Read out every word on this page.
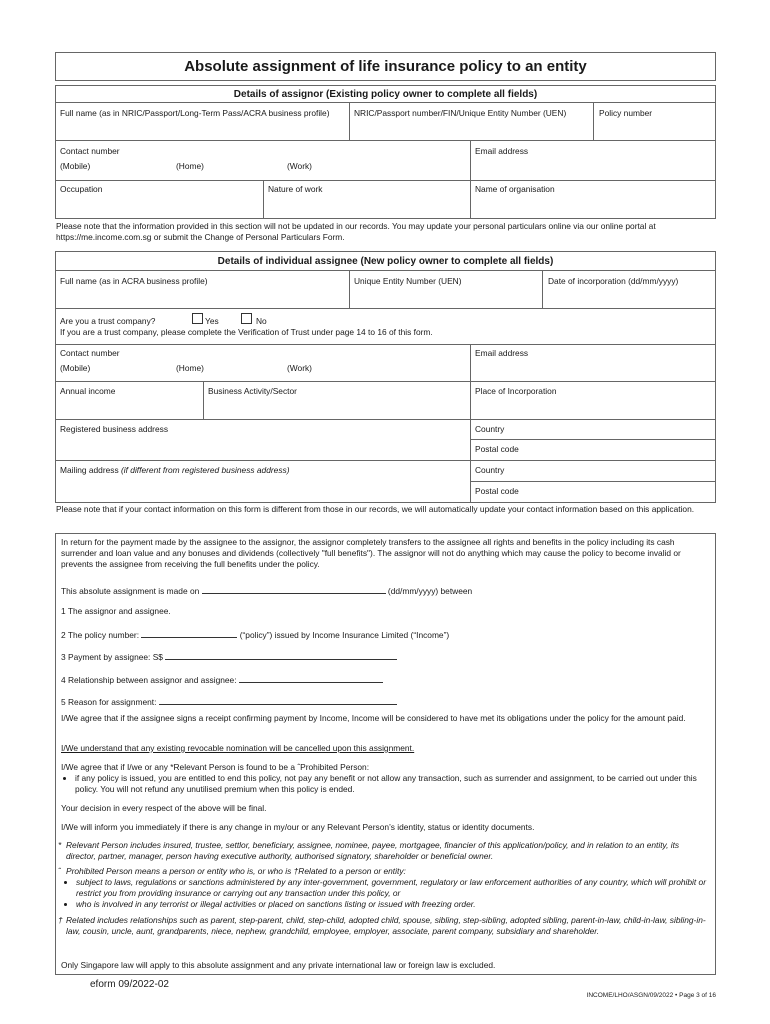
Absolute assignment of life insurance policy to an entity
Details of assignor (Existing policy owner to complete all fields)
Full name (as in NRIC/Passport/Long-Term Pass/ACRA business profile)	NRIC/Passport number/FIN/Unique Entity Number (UEN)	Policy number
Contact number
(Mobile)	(Home)	(Work)
Email address
Occupation	Nature of work	Name of organisation
Please note that the information provided in this section will not be updated in our records. You may update your personal particulars online via our online portal at https://me.income.com.sg or submit the Change of Personal Particulars Form.
Details of individual assignee (New policy owner to complete all fields)
Full name (as in ACRA business profile)	Unique Entity Number (UEN)	Date of incorporation (dd/mm/yyyy)
Are you a trust company?	Yes	No
If you are a trust company, please complete the Verification of Trust under page 14 to 16 of this form.
Contact number
(Mobile)	(Home)	(Work)
Email address
Annual income	Business Activity/Sector	Place of Incorporation
Registered business address	Country
Postal code
Mailing address (if different from registered business address)	Country
Postal code
Please note that if your contact information on this form is different from those in our records, we will automatically update your contact information based on this application.
In return for the payment made by the assignee to the assignor, the assignor completely transfers to the assignee all rights and benefits in the policy including its cash surrender and loan value and any bonuses and dividends (collectively "full benefits"). The assignor will not do anything which may cause the policy to become invalid or prevents the assignee from receiving the full benefits under the policy.
This absolute assignment is made on	(dd/mm/yyyy) between
1 The assignor and assignee.
2 The policy number:	(“policy”) issued by Income Insurance Limited (“Income”)
3 Payment by assignee: S$
4 Relationship between assignor and assignee:
5 Reason for assignment:
I/We agree that if the assignee signs a receipt confirming payment by Income, Income will be considered to have met its obligations under the policy for the amount paid.
I/We understand that any existing revocable nomination will be cancelled upon this assignment.
I/We agree that if I/we or any *Relevant Person is found to be a ˆProhibited Person:
• if any policy is issued, you are entitled to end this policy, not pay any benefit or not allow any transaction, such as surrender and assignment, to be carried out under this policy. You will not refund any unutilised premium when this policy is ended.
Your decision in every respect of the above will be final.
I/We will inform you immediately if there is any change in my/our or any Relevant Person’s identity, status or identity documents.
* Relevant Person includes insured, trustee, settlor, beneficiary, assignee, nominee, payee, mortgagee, financier of this application/policy, and in relation to an entity, its director, partner, manager, person having executive authority, authorised signatory, shareholder or beneficial owner.
ˆ Prohibited Person means a person or entity who is, or who is †Related to a person or entity:
• subject to laws, regulations or sanctions administered by any inter-government, government, regulatory or law enforcement authorities of any country, which will prohibit or restrict you from providing insurance or carrying out any transaction under this policy, or
• who is involved in any terrorist or illegal activities or placed on sanctions listing or issued with freezing order.
† Related includes relationships such as parent, step-parent, child, step-child, adopted child, spouse, sibling, step-sibling, adopted sibling, parent-in-law, child-in-law, sibling-in-law, cousin, uncle, aunt, grandparents, niece, nephew, grandchild, employee, employer, associate, parent company, subsidiary and shareholder.
Only Singapore law will apply to this absolute assignment and any private international law or foreign law is excluded.
eform 09/2022-02
INCOME/LHO/ASGN/09/2022 • Page 3 of 16
